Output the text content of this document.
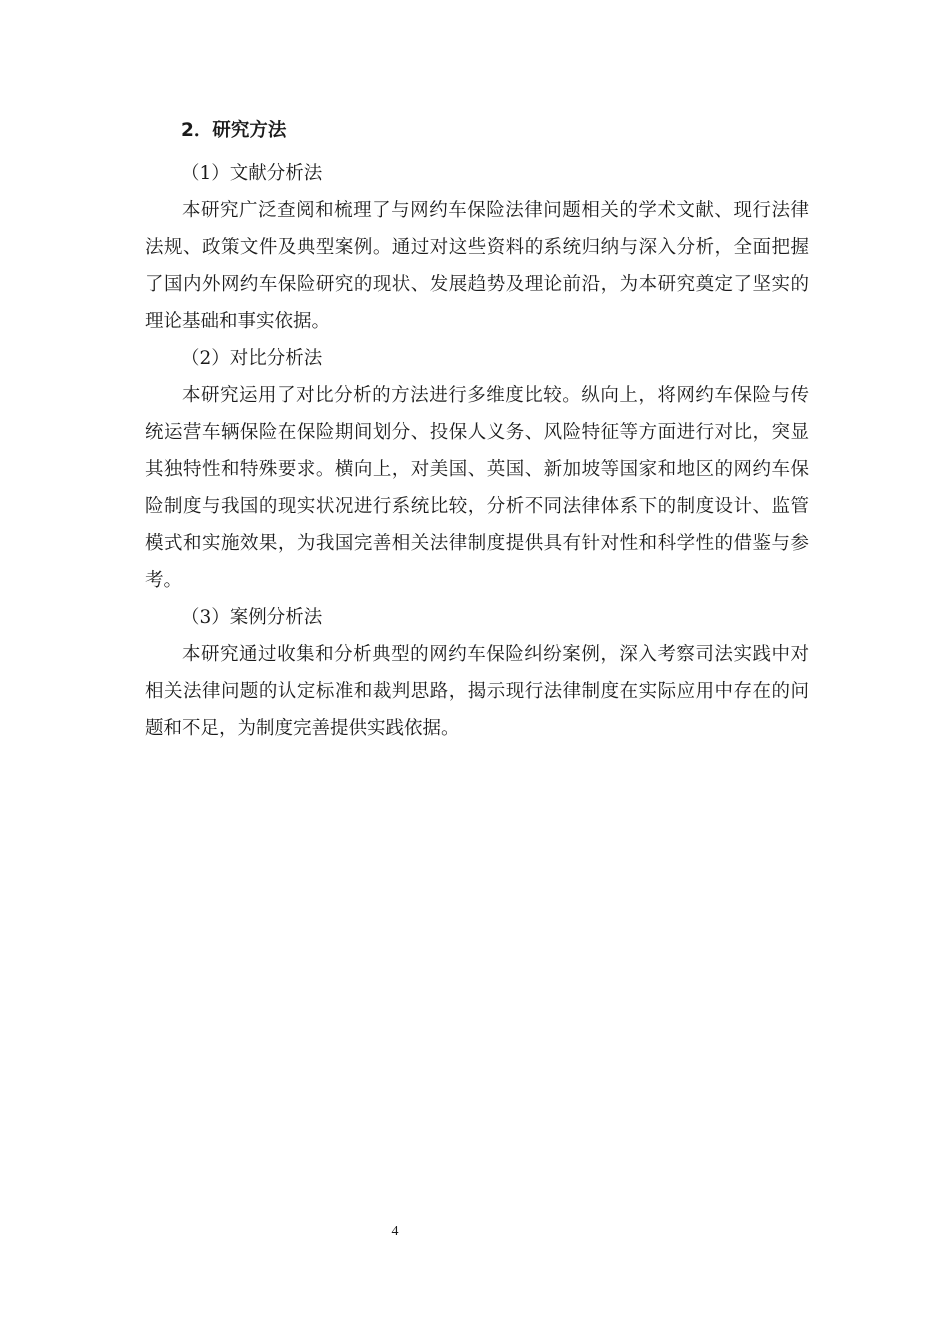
2．研究方法

（1）文献分析法

本研究广泛查阅和梳理了与网约车保险法律问题相关的学术文献、现行法律法规、政策文件及典型案例。通过对这些资料的系统归纳与深入分析，全面把握了国内外网约车保险研究的现状、发展趋势及理论前沿，为本研究奠定了坚实的理论基础和事实依据。

（2）对比分析法

本研究运用了对比分析的方法进行多维度比较。纵向上，将网约车保险与传统运营车辆保险在保险期间划分、投保人义务、风险特征等方面进行对比，突显其独特性和特殊要求。横向上，对美国、英国、新加坡等国家和地区的网约车保险制度与我国的现实状况进行系统比较，分析不同法律体系下的制度设计、监管模式和实施效果，为我国完善相关法律制度提供具有针对性和科学性的借鉴与参考。

（3）案例分析法

本研究通过收集和分析典型的网约车保险纠纷案例，深入考察司法实践中对相关法律问题的认定标准和裁判思路，揭示现行法律制度在实际应用中存在的问题和不足，为制度完善提供实践依据。

4
